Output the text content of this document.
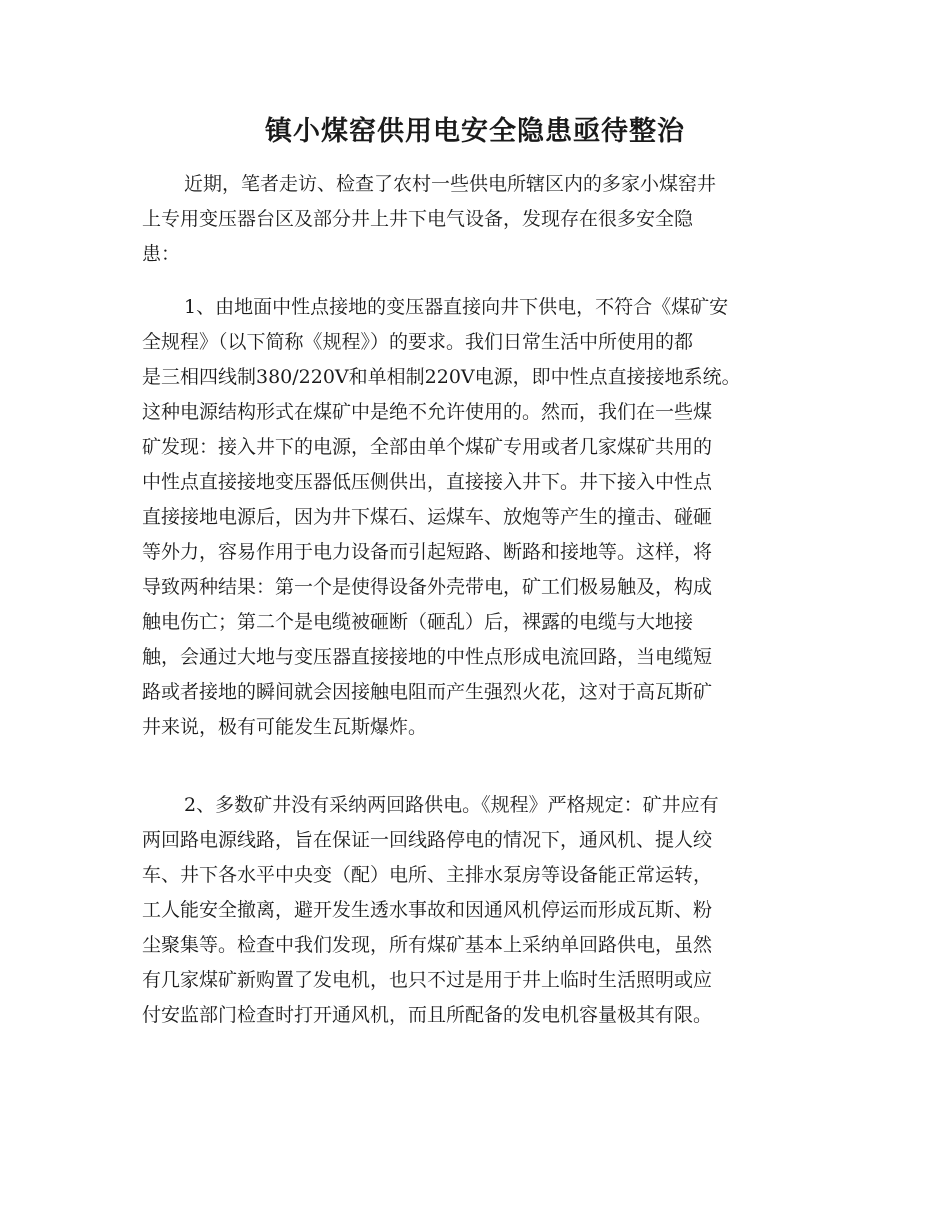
镇小煤窑供用电安全隐患亟待整治
近期，笔者走访、检查了农村一些供电所辖区内的多家小煤窑井
上专用变压器台区及部分井上井下电气设备，发现存在很多安全隐
患：
1、由地面中性点接地的变压器直接向井下供电，不符合《煤矿安
全规程》（以下简称《规程》）的要求。我们日常生活中所使用的都
是三相四线制380/220V和单相制220V电源，即中性点直接接地系统。
这种电源结构形式在煤矿中是绝不允许使用的。然而，我们在一些煤
矿发现：接入井下的电源，全部由单个煤矿专用或者几家煤矿共用的
中性点直接接地变压器低压侧供出，直接接入井下。井下接入中性点
直接接地电源后，因为井下煤石、运煤车、放炮等产生的撞击、碰砸
等外力，容易作用于电力设备而引起短路、断路和接地等。这样，将
导致两种结果：第一个是使得设备外壳带电，矿工们极易触及，构成
触电伤亡；第二个是电缆被砸断（砸乱）后，裸露的电缆与大地接
触，会通过大地与变压器直接接地的中性点形成电流回路，当电缆短
路或者接地的瞬间就会因接触电阻而产生强烈火花，这对于高瓦斯矿
井来说，极有可能发生瓦斯爆炸。
2、多数矿井没有采纳两回路供电。《规程》严格规定：矿井应有
两回路电源线路，旨在保证一回线路停电的情况下，通风机、提人绞
车、井下各水平中央变（配）电所、主排水泵房等设备能正常运转，
工人能安全撤离，避开发生透水事故和因通风机停运而形成瓦斯、粉
尘聚集等。检查中我们发现，所有煤矿基本上采纳单回路供电，虽然
有几家煤矿新购置了发电机，也只不过是用于井上临时生活照明或应
付安监部门检查时打开通风机，而且所配备的发电机容量极其有限。
